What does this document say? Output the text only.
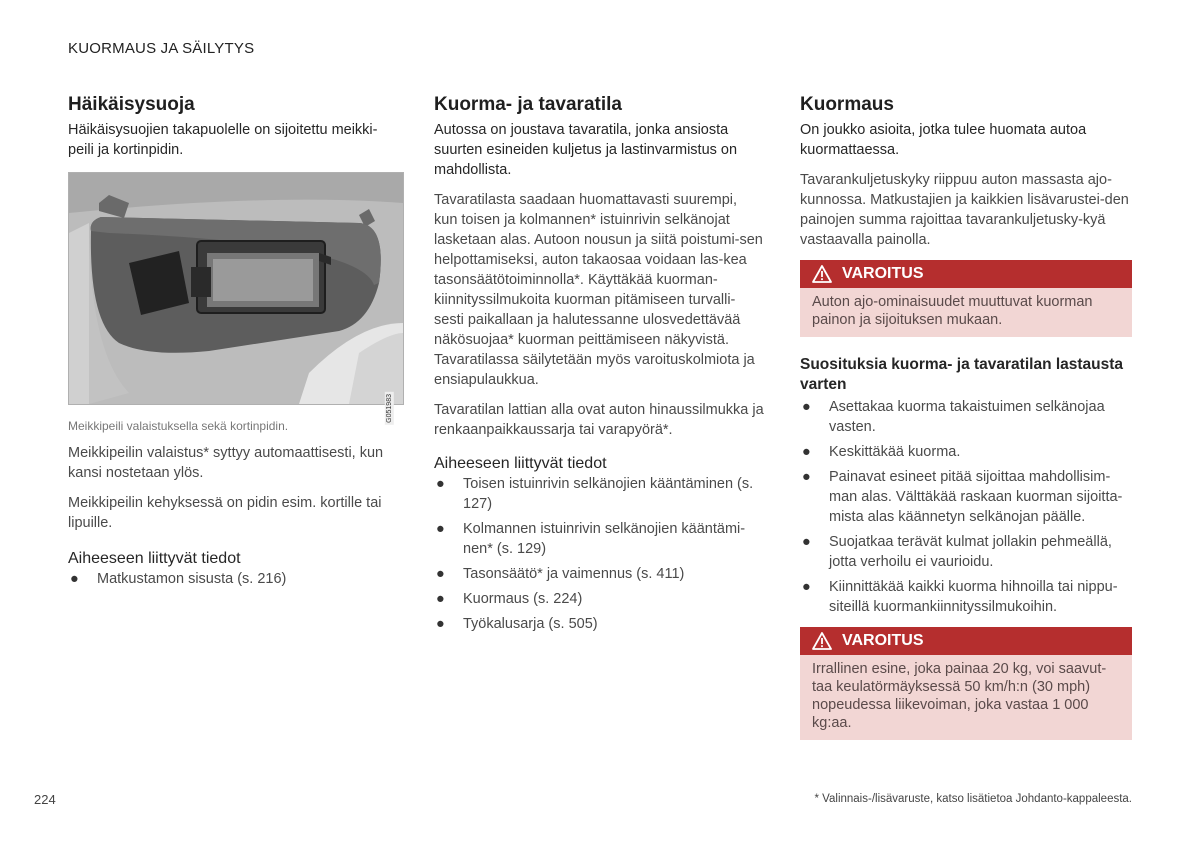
KUORMAUS JA SÄILYTYS
Häikäisysuoja

Häikäisysuojien takapuolelle on sijoitettu meikki-peili ja kortinpidin.

G051983
Meikkipeili valaistuksella sekä kortinpidin.

Meikkipeilin valaistus* syttyy automaattisesti, kun kansi nostetaan ylös.

Meikkipeilin kehyksessä on pidin esim. kortille tai lipuille.

Aiheeseen liittyvät tiedot
● Matkustamon sisusta (s. 216)
Kuorma- ja tavaratila

Autossa on joustava tavaratila, jonka ansiosta suurten esineiden kuljetus ja lastinvarmistus on mahdollista.

Tavaratilasta saadaan huomattavasti suurempi, kun toisen ja kolmannen* istuinrivin selkänojat lasketaan alas. Autoon nousun ja siitä poistumi-sen helpottamiseksi, auton takaosaa voidaan las-kea tasonsäätötoiminnolla*. Käyttäkää kuorman-kiinnityssilmukoita kuorman pitämiseen turvalli-sesti paikallaan ja halutessanne ulosvedettävää näkösuojaa* kuorman peittämiseen näkyvistä. Tavaratilassa säilytetään myös varoituskolmiota ja ensiapulaukkua.

Tavaratilan lattian alla ovat auton hinaussilmukka ja renkaanpaikkaussarja tai varapyörä*.

Aiheeseen liittyvät tiedot
● Toisen istuinrivin selkänojien kääntäminen (s. 127)
● Kolmannen istuinrivin selkänojien kääntämi-nen* (s. 129)
● Tasonsäätö* ja vaimennus (s. 411)
● Kuormaus (s. 224)
● Työkalusarja (s. 505)
Kuormaus

On joukko asioita, jotka tulee huomata autoa kuormattaessa.

Tavarankuljetuskyky riippuu auton massasta ajo-kunnossa. Matkustajien ja kaikkien lisävarustei-den painojen summa rajoittaa tavarankuljetusky-kyä vastaavalla painolla.

VAROITUS
Auton ajo-ominaisuudet muuttuvat kuorman painon ja sijoituksen mukaan.
Suosituksia kuorma- ja tavaratilan lastausta varten
● Asettakaa kuorma takaistuimen selkänojaa vasten.
● Keskittäkää kuorma.
● Painavat esineet pitää sijoittaa mahdollisim-man alas. Välttäkää raskaan kuorman sijoitta-mista alas käännetyn selkänojan päälle.
● Suojatkaa terävät kulmat jollakin pehmeällä, jotta verhoilu ei vaurioidu.
● Kiinnittäkää kaikki kuorma hihnoilla tai nippu-siteillä kuormankiinnityssilmukoihin.
VAROITUS
Irrallinen esine, joka painaa 20 kg, voi saavut-taa keulatörmäyksessä 50 km/h:n (30 mph) nopeudessa liikevoiman, joka vastaa 1 000 kg:aa.
224	* Valinnais-/lisävaruste, katso lisätietoa Johdanto-kappaleesta.
